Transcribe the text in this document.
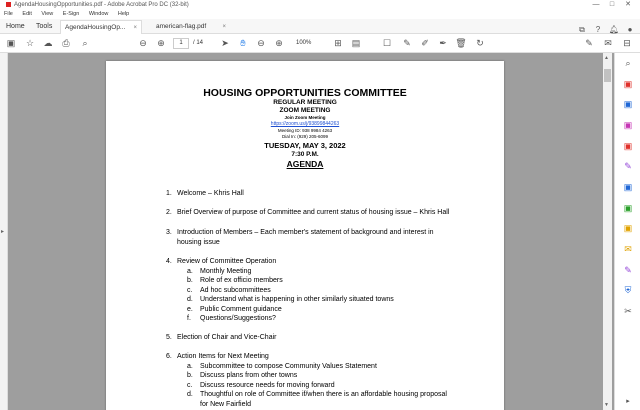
AgendaHousingOpportunities.pdf - Adobe Acrobat Pro DC (32-bit)	— □ ✕
File Edit View E-Sign Window Help
Home Tools	AgendaHousingOp... ×	american-flag.pdf	×	⧉ ? 🔔︎ ●
▣	☆	☁	⎙	⌕	⊖	⊕	1	/ 14	➤	✋︎	⊖	⊕	100%	⊞	▤	☐	✎	✐	✒ 🗑︎	↻	✎	✉	⊟
▸
HOUSING OPPORTUNITIES COMMITTEE
REGULAR MEETING
ZOOM MEETING
Join Zoom Meeting
https://zoom.us/j/93899844263
Meeting ID: 938 9984 4263
Dial In: (929) 205-6099
TUESDAY, MAY 3, 2022
7:30 P.M.
AGENDA
1. Welcome – Khris Hall
2. Brief Overview of purpose of Committee and current status of housing issue – Khris Hall
3. Introduction of Members – Each member's statement of background and interest in
housing issue
4. Review of Committee Operation
a. Monthly Meeting
b. Role of ex officio members
c. Ad hoc subcommittees
d. Understand what is happening in other similarly situated towns
e. Public Comment guidance
f. Questions/Suggestions?
5. Election of Chair and Vice-Chair
6. Action Items for Next Meeting
a. Subcommittee to compose Community Values Statement
b. Discuss plans from other towns
c. Discuss resource needs for moving forward
d. Thoughtful on role of Committee if/when there is an affordable housing proposal
for New Fairfield
▲
▼
⌕
▣
▣
▣
▣
✎
▣
▣
▣
✉
✎
⛨
✂
▸
